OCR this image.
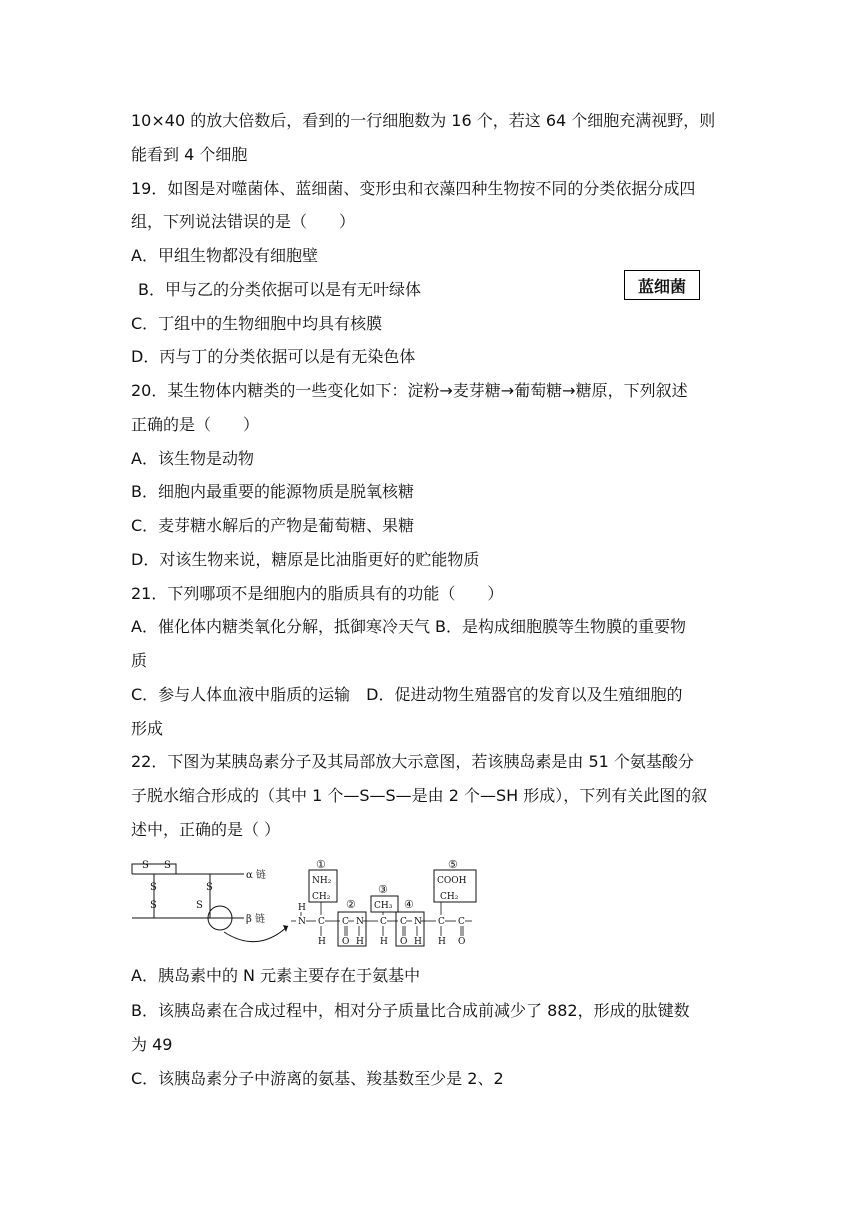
10×40 的放大倍数后，看到的一行细胞数为 16 个，若这 64 个细胞充满视野，则
能看到 4 个细胞
19．如图是对噬菌体、蓝细菌、变形虫和衣藻四种生物按不同的分类依据分成四
组，下列说法错误的是（　　）
A．甲组生物都没有细胞壁
B．甲与乙的分类依据可以是有无叶绿体
C．丁组中的生物细胞中均具有核膜
D．丙与丁的分类依据可以是有无染色体
20．某生物体内糖类的一些变化如下：淀粉→麦芽糖→葡萄糖→糖原，下列叙述
正确的是（　　）
A．该生物是动物
B．细胞内最重要的能源物质是脱氧核糖
C．麦芽糖水解后的产物是葡萄糖、果糖
D．对该生物来说，糖原是比油脂更好的贮能物质
21．下列哪项不是细胞内的脂质具有的功能（　　）
A．催化体内糖类氧化分解，抵御寒冷天气 B．是构成细胞膜等生物膜的重要物
质
C．参与人体血液中脂质的运输　D．促进动物生殖器官的发育以及生殖细胞的
形成
22．下图为某胰岛素分子及其局部放大示意图，若该胰岛素是由 51 个氨基酸分
子脱水缩合形成的（其中 1 个—S—S—是由 2 个—SH 形成），下列有关此图的叙
述中，正确的是（ ）
A．胰岛素中的 N 元素主要存在于氨基中
B．该胰岛素在合成过程中，相对分子质量比合成前减少了 882，形成的肽键数
为 49
C．该胰岛素分子中游离的氨基、羧基数至少是 2、2
蓝细菌
S S
S
S
S
S
α 链
β 链
①
②
③
④
⑤
NH₂
CH₂
CH₃
COOH
CH₂
H
N C
H
C
O
N
H
C
H
C
O
N
H
C
H
C
O
